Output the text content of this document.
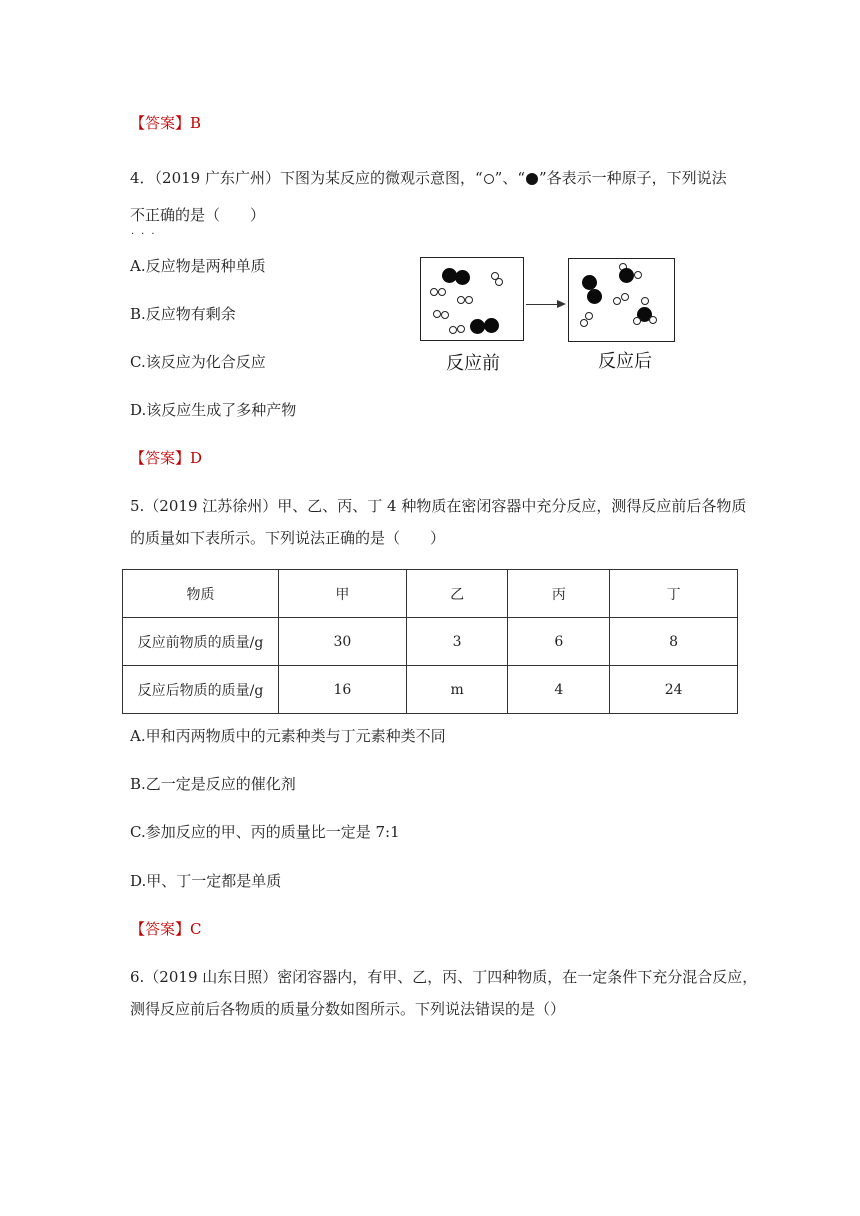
【答案】B
4．（2019 广东广州）下图为某反应的微观示意图，“ ”、“ ”各表示一种原子，下列说法
不正确的是（　　）
···
A.反应物是两种单质
B.反应物有剩余
C.该反应为化合反应
D.该反应生成了多种产物
反应前	反应后
【答案】D
5.（2019 江苏徐州）甲、乙、丙、丁 4 种物质在密闭容器中充分反应，测得反应前后各物质
的质量如下表所示。下列说法正确的是（　　）
物质	甲	乙	丙	丁
反应前物质的质量/g	30	3	6	8
反应后物质的质量/g	16	m	4	24
A.甲和丙两物质中的元素种类与丁元素种类不同
B.乙一定是反应的催化剂
C.参加反应的甲、丙的质量比一定是 7:1
D.甲、丁一定都是单质
【答案】C
6.（2019 山东日照）密闭容器内，有甲、乙，丙、丁四种物质，在一定条件下充分混合反应，
测得反应前后各物质的质量分数如图所示。下列说法错误的是（）
